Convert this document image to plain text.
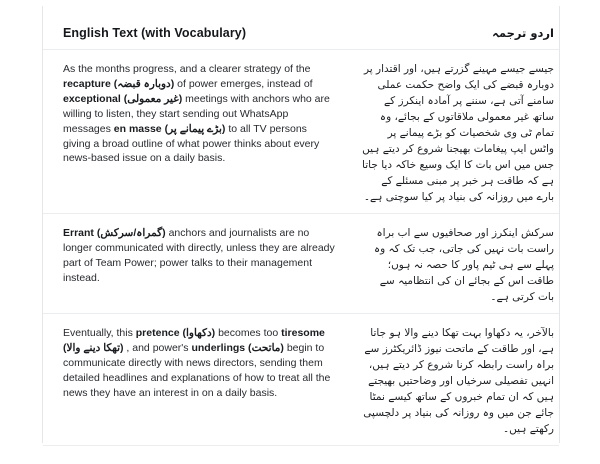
English Text (with Vocabulary)	اردو ترجمہ
As the months progress, and a clearer strategy of the recapture (دوبارہ قبضہ) of power emerges, instead of exceptional (غیر معمولی) meetings with anchors who are willing to listen, they start sending out WhatsApp messages en masse (بڑے پیمانے پر) to all TV persons giving a broad outline of what power thinks about every news-based issue on a daily basis.
جیسے جیسے مہینے گزرتے ہیں، اور اقتدار پر دوبارہ قبضے کی ایک واضح حکمت عملی سامنے آتی ہے، سننے پر آمادہ اینکرز کے ساتھ غیر معمولی ملاقاتوں کے بجائے، وہ تمام ٹی وی شخصیات کو بڑے پیمانے پر واٹس ایپ پیغامات بھیجنا شروع کر دیتے ہیں جس میں اس بات کا ایک وسیع خاکہ دیا جاتا ہے کہ طاقت ہر خبر پر مبنی مسئلے کے بارے میں روزانہ کی بنیاد پر کیا سوچتی ہے۔
Errant (گمراہ/سرکش) anchors and journalists are no longer communicated with directly, unless they are already part of Team Power; power talks to their management instead.
سرکش اینکرز اور صحافیوں سے اب براہ راست بات نہیں کی جاتی، جب تک کہ وہ پہلے سے ہی ٹیم پاور کا حصہ نہ ہوں؛ طاقت اس کے بجائے ان کی انتظامیہ سے بات کرتی ہے۔
Eventually, this pretence (دکھاوا) becomes too tiresome (تھکا دینے والا) , and power's underlings (ماتحت) begin to communicate directly with news directors, sending them detailed headlines and explanations of how to treat all the news they have an interest in on a daily basis.
بالآخر، یہ دکھاوا بہت تھکا دینے والا ہو جاتا ہے، اور طاقت کے ماتحت نیوز ڈائریکٹرز سے براہ راست رابطہ کرنا شروع کر دیتے ہیں، انہیں تفصیلی سرخیاں اور وضاحتیں بھیجتے ہیں کہ ان تمام خبروں کے ساتھ کیسے نمٹا جائے جن میں وہ روزانہ کی بنیاد پر دلچسپی رکھتے ہیں۔
